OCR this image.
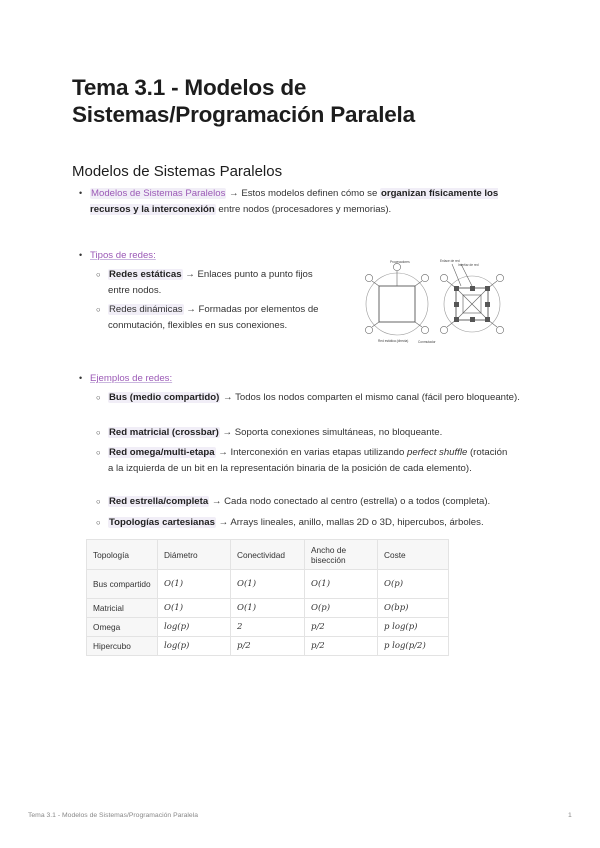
Tema 3.1 - Modelos de Sistemas/Programación Paralela
Modelos de Sistemas Paralelos
• Modelos de Sistemas Paralelos → Estos modelos definen cómo se organizan físicamente los recursos y la interconexión entre nodos (procesadores y memorias).
• Tipos de redes:
○ Redes estáticas → Enlaces punto a punto fijos entre nodos.
○ Redes dinámicas → Formadas por elementos de conmutación, flexibles en sus conexiones.
Procesadores
Red estática (directa)
Enlace de red
Interfaz de red
Conmutador
• Ejemplos de redes:
○ Bus (medio compartido) → Todos los nodos comparten el mismo canal (fácil pero bloqueante).
○ Red matricial (crossbar) → Soporta conexiones simultáneas, no bloqueante.
○ Red omega/multi-etapa → Interconexión en varias etapas utilizando perfect shuffle (rotación a la izquierda de un bit en la representación binaria de la posición de cada elemento).
○ Red estrella/completa → Cada nodo conectado al centro (estrella) o a todos (completa).
○ Topologías cartesianas → Arrays lineales, anillo, mallas 2D o 3D, hipercubos, árboles.
Topología	Diámetro	Conectividad	Ancho de bisección	Coste
Bus compartido	O(1)	O(1)	O(1)	O(p)
Matricial	O(1)	O(1)	O(p)	O(bp)
Omega	log(p)	2	p/2	p log(p)
Hipercubo	log(p)	p/2	p/2	p log(p/2)
Tema 3.1 - Modelos de Sistemas/Programación Paralela	1
